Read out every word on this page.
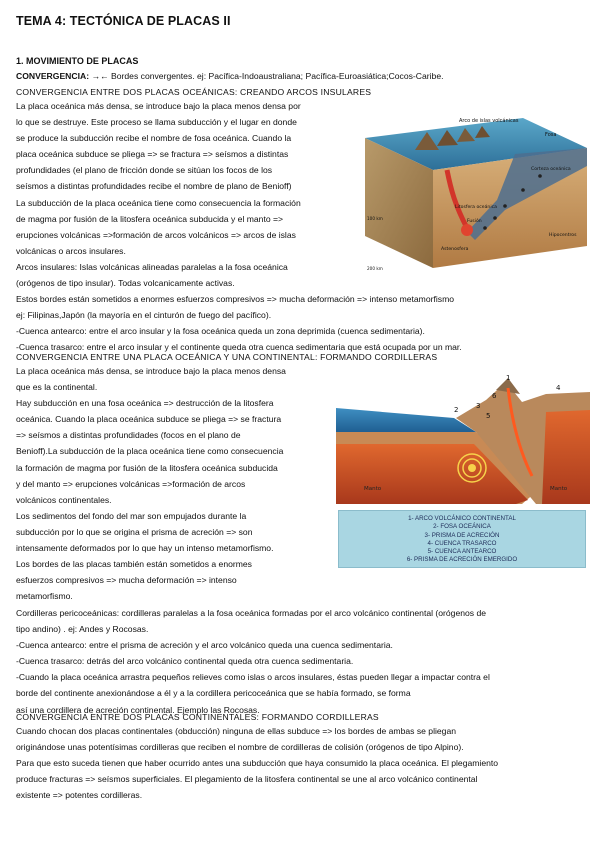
TEMA 4: TECTÓNICA DE PLACAS II
1. MOVIMIENTO DE PLACAS
CONVERGENCIA: →← Bordes convergentes. ej: Pacífica-Indoaustraliana; Pacífica-Euroasiática;Cocos-Caribe.
CONVERGENCIA ENTRE DOS PLACAS OCEÁNICAS: CREANDO ARCOS INSULARES
La placa oceánica más densa, se introduce bajo la placa menos densa por
lo que se destruye. Este proceso se llama subducción y el lugar en donde
se produce la subducción recibe el nombre de fosa oceánica. Cuando la
placa oceánica subduce se pliega => se fractura => seísmos a distintas
profundidades (el plano de fricción donde se sitúan los focos de los
seísmos a distintas profundidades recibe el nombre de plano de Benioff)
La subducción de la placa oceánica tiene como consecuencia la formación
de magma por fusión de la litosfera oceánica subducida y el manto =>
erupciones volcánicas =>formación de arcos volcánicos => arcos de islas
volcánicas o arcos insulares.
Arcos insulares: Islas volcánicas alineadas paralelas a la fosa oceánica
(orógenos de tipo insular). Todas volcanicamente activas.
Estos bordes están sometidos a enormes esfuerzos compresivos => mucha deformación => intenso metamorfismo
ej: Filipinas,Japón (la mayoría en el cinturón de fuego del pacífico).
-Cuenca antearco: entre el arco insular y la fosa oceánica queda un zona deprimida (cuenca sedimentaria).
-Cuenca trasarco: entre el arco insular y el continente queda otra cuenca sedimentaria que está ocupada por un mar.
CONVERGENCIA ENTRE UNA PLACA OCEÁNICA Y UNA CONTINENTAL: FORMANDO CORDILLERAS
La placa oceánica más densa, se introduce bajo la placa menos densa
que es la continental.
Hay subducción en una fosa oceánica => destrucción de la litosfera
oceánica. Cuando la placa oceánica subduce se pliega => se fractura
=> seísmos a distintas profundidades (focos en el plano de
Benioff).La subducción de la placa oceánica tiene como consecuencia
la formación de magma por fusión de la litosfera oceánica subducida
y del manto => erupciones volcánicas =>formación de arcos
volcánicos continentales.
Los sedimentos del fondo del mar son empujados durante la
subducción por lo que se origina el prisma de acreción => son
intensamente deformados por lo que hay un intenso metamorfismo.
Los bordes de las placas también están sometidos a enormes
esfuerzos compresivos => mucha deformación => intenso
metamorfismo.
Cordilleras pericoceánicas: cordilleras paralelas a la fosa oceánica formadas por el arco volcánico continental (orógenos de
tipo andino) . ej: Andes y Rocosas.
-Cuenca antearco: entre el prisma de acreción y el arco volcánico queda una cuenca sedimentaria.
-Cuenca trasarco: detrás del arco volcánico continental queda otra cuenca sedimentaria.
-Cuando la placa oceánica arrastra pequeños relieves como islas o arcos insulares, éstas pueden llegar a impactar contra el
borde del continente anexionándose a él y a la cordillera pericoceánica que se había formado, se forma
así una cordillera de acreción continental. Ejemplo las Rocosas.
CONVERGENCIA ENTRE DOS PLACAS CONTINENTALES: FORMANDO CORDILLERAS
Cuando chocan dos placas continentales (obducción) ninguna de ellas subduce => los bordes de ambas se pliegan
originándose unas potentísimas cordilleras que reciben el nombre de cordilleras de colisión (orógenos de tipo Alpino).
Para que esto suceda tienen que haber ocurrido antes una subducción que haya consumido la placa oceánica. El plegamiento
produce fracturas => seísmos superficiales. El plegamiento de la litosfera continental se une al arco volcánico continental
existente => potentes cordilleras.
Arco de islas volcánicas
Fosa
Corteza oceánica
Litosfera oceánica
Fusión
Astenosfera
Hipocentros
100 km
200 km
1
2	3
4
5
6
Manto	Manto
1- ARCO VOLCÁNICO CONTINENTAL
2- FOSA OCEÁNICA
3- PRISMA DE ACRECIÓN
4- CUENCA TRASARCO
5- CUENCA ANTEARCO
6- PRISMA DE ACRECIÓN EMERGIDO
